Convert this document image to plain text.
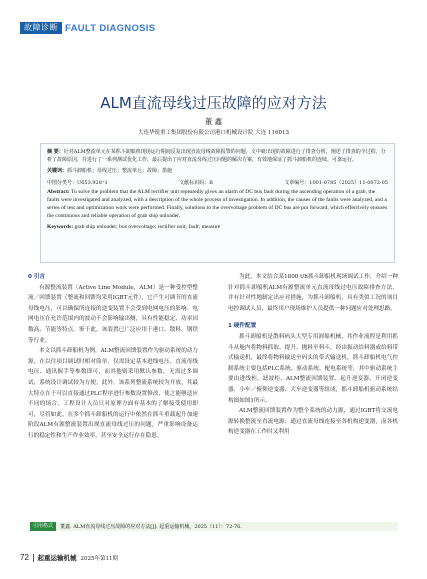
故障诊断 FAULT DIAGNOSIS
ALM直流母线过压故障的应对方法
董 鑫
大连华锐重工集团股份有限公司港口机械设计院 大连 116013

摘 要：针对ALM整流单元在某抓斗卸船机现场运行期间反复出现直流母线故障报警的问题，文中就出现的故障进行了排查分析，阐述了排查的全过程，分析了故障原因，并进行了一系列测试优化工作，最后提出了应对直流母线过压问题的解决方案，有效地保证了抓斗卸船机的连续、可靠运行。

关键词：抓斗卸船机；母线过压；整流单元；故障；措施

中图分类号：U653.928⁺1	文献标识码：B	文章编号：1001-0785（2025）11-0072-05

Abstract: To solve the problem that the ALM rectifier unit repeatedly gives an alarm of DC bus fault during the ascending operation of a grab, the faults were investigated and analyzed, with a description of the whole process of investigation. In addition, the causes of the faults were analyzed, and a series of test and optimization work were performed. Finally, solutions to the overvoltage problem of DC bus are put forward, which effectively ensures the continuous and reliable operation of grab ship unloader.

Keywords: grab ship unloader; bus overvoltage; rectifier unit; fault; measure

0 引言

有源整流装置（Active Line Module，ALM）是一种受控型整流／回馈装置（整流和回馈均采用IGBT元件），它产生可调节的直流母线电压，可以确保所连接的逆变装置不会受到电网电压的影响。电网电压在允许范围内的波动不会影响输出侧，具有性能稳定、功率因数高、节能等特点。鉴于此，该装置已广泛应用于港口、散料、钢铁等行业。

本文以抓斗卸船机为例，ALM整流回馈装置作为驱动系统的动力源，在以往项目调试时相对简单，仅需设定基本进线电压、直流母线电压、通讯握手等参数即可，而其他则采用默认参数，无需过多调试，系统设计调试较为方便。此外，该系列整流系统较为开放，其最大特点在于可以直接通过PLC程序进行参数设置修改，使之能够适应不同的场合。工程设计人员只对原理方面有基本的了解接受使用即可，尽管如此，在多个抓斗卸船机的运行中依然在抓斗重载起升加速阶段ALM有源整流装置出现直流母线过压的问题，严重影响设备运行的稳定性和生产作业效率，甚至安全运行存在隐患。

为此，本文结合某1800 t/h抓斗卸船机现场调试工作，介绍一种针对抓斗卸船机ALM有源整流单元直流母线过电压故障排查方法，并有针对性地制定出应对措施，为抓斗卸船机、具有类似工况的项目电控调试人员，最终用户现场维护人员提供一种问题应对处理思路。

1 硬件配置

抓斗卸船机是散料码头大型专用卸船机械，其作业流程是利用抓斗从舱内将物料抓取、提升、抛料至料斗，经由振动给料器或给料带式输送机，最终将物料输送至码头的带式输送机。抓斗卸船机电气控制系统主要包括PLC系统、驱动系统、配电系统等，其中驱动系统主要由进线柜、滤波柜、ALM整流回馈装置、起升逆变器、开闭逆变器、小车／俯仰逆变器、大车逆变器等组成，抓斗卸船机驱动系统结构图如图1所示。

ALM整流回馈装置作为整个系统的动力源，通过IGBT将交流电源转换整流至直流电源；通过直流母线连接至各机构逆变器，而各机构逆变器在工作时又利用

引用格式	董鑫. ALM直流母线过压故障的应对方法[J]. 起重运输机械，2025（11）：72-76.
72 起重运输机械 2025年第11期
